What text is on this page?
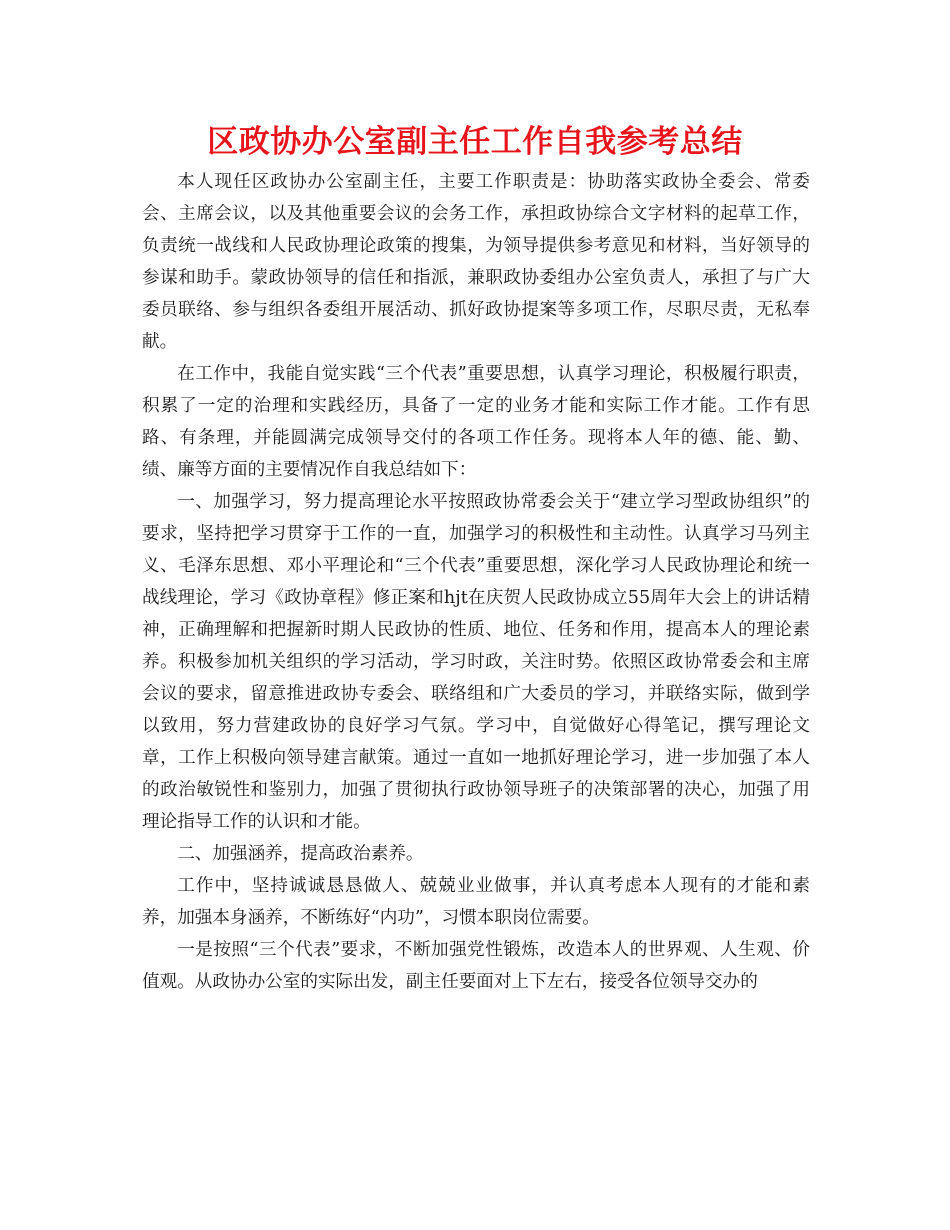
区政协办公室副主任工作自我参考总结

本人现任区政协办公室副主任，主要工作职责是：协助落实政协全委会、常委会、主席会议，以及其他重要会议的会务工作，承担政协综合文字材料的起草工作，负责统一战线和人民政协理论政策的搜集，为领导提供参考意见和材料，当好领导的参谋和助手。蒙政协领导的信任和指派，兼职政协委组办公室负责人，承担了与广大委员联络、参与组织各委组开展活动、抓好政协提案等多项工作，尽职尽责，无私奉献。

在工作中，我能自觉实践“三个代表”重要思想，认真学习理论，积极履行职责，积累了一定的治理和实践经历，具备了一定的业务才能和实际工作才能。工作有思路、有条理，并能圆满完成领导交付的各项工作任务。现将本人年的德、能、勤、绩、廉等方面的主要情况作自我总结如下：

一、加强学习，努力提高理论水平按照政协常委会关于“建立学习型政协组织”的要求，坚持把学习贯穿于工作的一直，加强学习的积极性和主动性。认真学习马列主义、毛泽东思想、邓小平理论和“三个代表”重要思想，深化学习人民政协理论和统一战线理论，学习《政协章程》修正案和hjt在庆贺人民政协成立55周年大会上的讲话精神，正确理解和把握新时期人民政协的性质、地位、任务和作用，提高本人的理论素养。积极参加机关组织的学习活动，学习时政，关注时势。依照区政协常委会和主席会议的要求，留意推进政协专委会、联络组和广大委员的学习，并联络实际，做到学以致用，努力营建政协的良好学习气氛。学习中，自觉做好心得笔记，撰写理论文章，工作上积极向领导建言献策。通过一直如一地抓好理论学习，进一步加强了本人的政治敏锐性和鉴别力，加强了贯彻执行政协领导班子的决策部署的决心，加强了用理论指导工作的认识和才能。

二、加强涵养，提高政治素养。

工作中，坚持诚诚恳恳做人、兢兢业业做事，并认真考虑本人现有的才能和素养，加强本身涵养，不断练好“内功”，习惯本职岗位需要。

一是按照“三个代表”要求，不断加强党性锻炼，改造本人的世界观、人生观、价值观。从政协办公室的实际出发，副主任要面对上下左右，接受各位领导交办的
